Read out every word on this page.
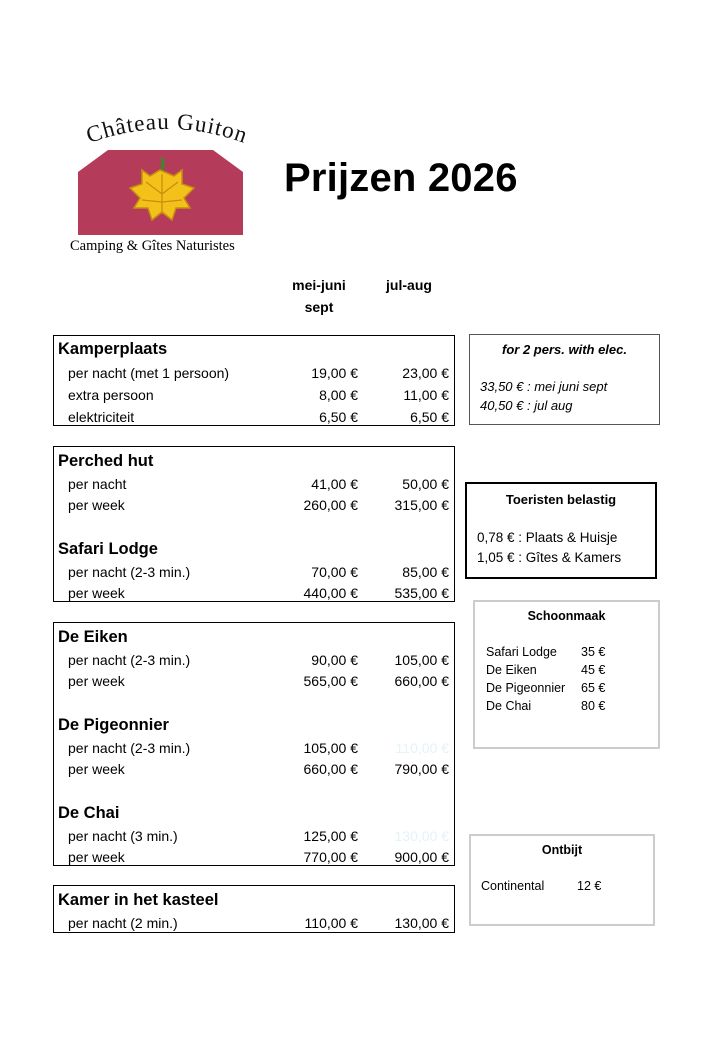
Château Guiton
Camping & Gîtes Naturistes
Prijzen 2026
mei-juni
sept
jul-aug
Kamperplaats
per nacht (met 1 persoon)	19,00 €	23,00 €
extra persoon	8,00 €	11,00 €
elektriciteit	6,50 €	6,50 €
Perched hut
per nacht	41,00 €	50,00 €
per week	260,00 €	315,00 €
Safari Lodge
per nacht (2-3 min.)	70,00 €	85,00 €
per week	440,00 €	535,00 €
De Eiken
per nacht (2-3 min.)	90,00 €	105,00 €
per week	565,00 €	660,00 €
De Pigeonnier
per nacht (2-3 min.)	105,00 €	110,00 €
per week	660,00 €	790,00 €
De Chai
per nacht (3 min.)	125,00 €	130,00 €
per week	770,00 €	900,00 €
Kamer in het kasteel
per nacht (2 min.)	110,00 €	130,00 €
for 2 pers. with elec.
33,50 € : mei juni sept
40,50 € : jul aug
Toeristen belastig
0,78 € : Plaats & Huisje
1,05 € : Gîtes & Kamers
Schoonmaak
Safari Lodge 35 €
De Eiken	45 €
De Pigeonnier 65 €
De Chai	80 €
Ontbijt
Continental	12 €
